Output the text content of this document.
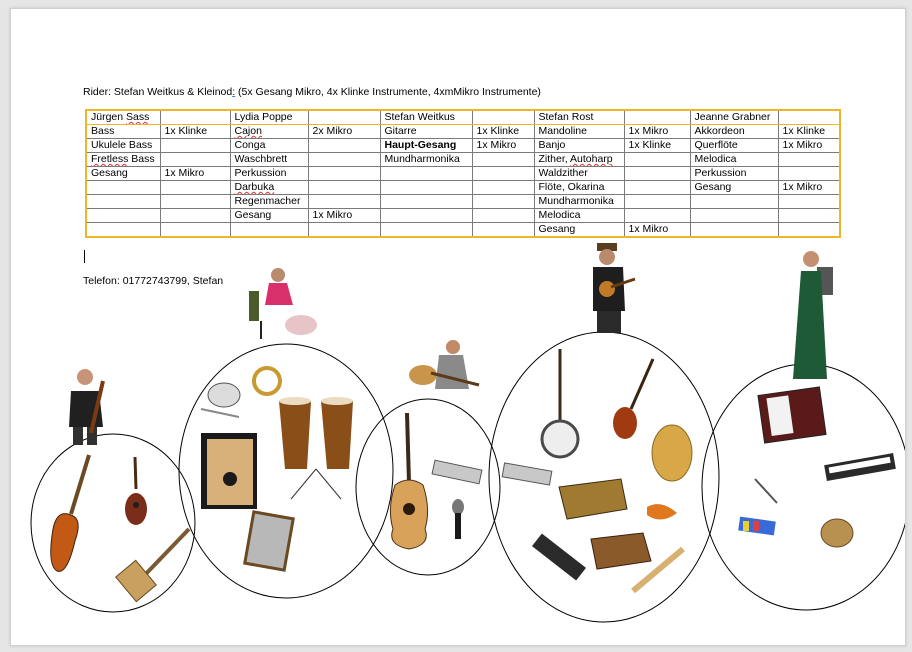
Rider: Stefan Weitkus & Kleinod: (5x Gesang Mikro, 4x Klinke Instrumente, 4xmMikro Instrumente)
Jürgen Sass		Lydia Poppe		Stefan Weitkus		Stefan Rost		Jeanne Grabner	
Bass	1x Klinke	Cajon	2x Mikro	Gitarre	1x Klinke	Mandoline	1x Mikro	Akkordeon	1x Klinke
Ukulele Bass		Conga		Haupt-Gesang	1x Mikro	Banjo	1x Klinke	Querflöte	1x Mikro
Fretless Bass		Waschbrett		Mundharmonika		Zither, Autoharp		Melodica	
Gesang	1x Mikro	Perkussion				Waldzither		Perkussion	
		Darbuka				Flöte, Okarina		Gesang	1x Mikro
		Regenmacher				Mundharmonika			
		Gesang	1x Mikro			Melodica			
						Gesang	1x Mikro		
Telefon: 01772743799, Stefan
